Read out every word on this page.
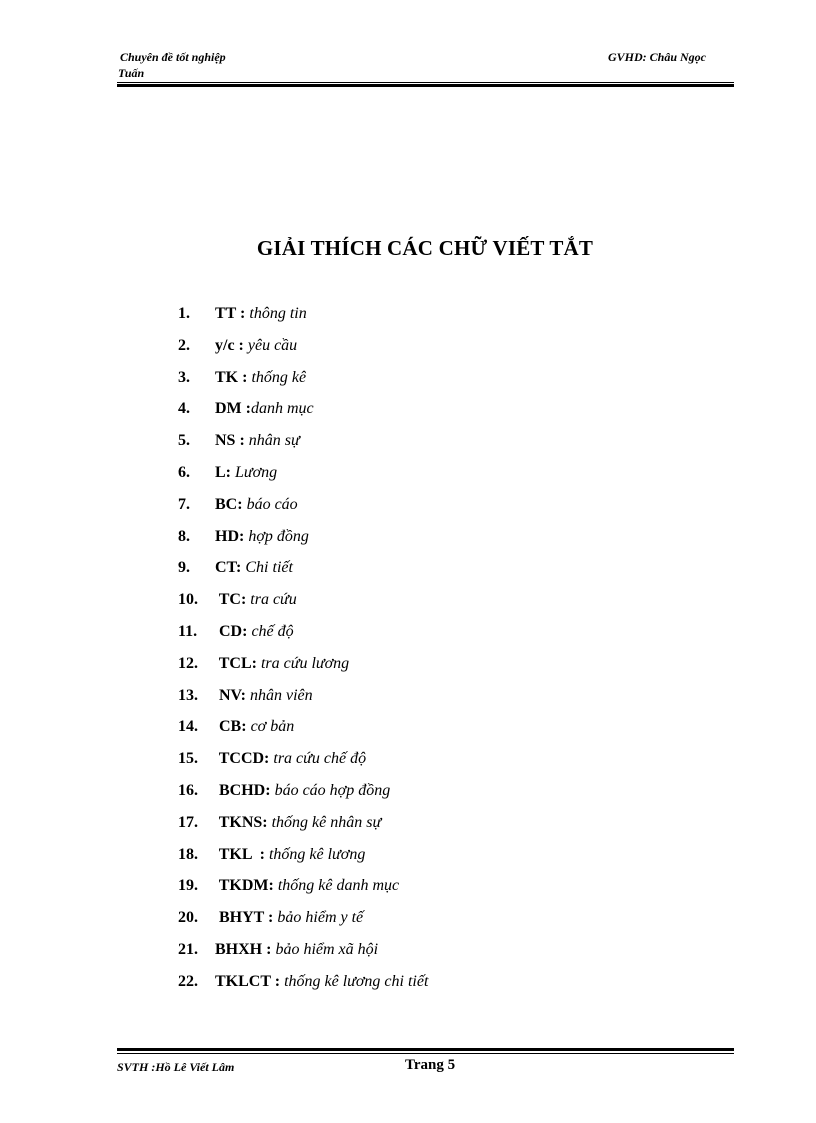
Chuyên đề tốt nghiệp
Tuấn
GVHD: Châu Ngọc
GIẢI THÍCH CÁC CHỮ VIẾT TẮT
1.	TT : thông tin
2.	y/c : yêu cầu
3.	TK : thống kê
4.	DM :danh mục
5.	NS : nhân sự
6.	L: Lương
7.	BC: báo cáo
8.	HD: hợp đồng
9.	CT: Chi tiết
10.	TC: tra cứu
11.	CD: chế độ
12.	TCL: tra cứu lương
13.	NV: nhân viên
14.	CB: cơ bản
15.	TCCD: tra cứu chế độ
16.	BCHD: báo cáo hợp đồng
17.	TKNS: thống kê nhân sự
18.	TKL  : thống kê lương
19.	TKDM: thống kê danh mục
20.	BHYT : bảo hiểm y tế
21.	BHXH : bảo hiểm xã hội
22.	TKLCT : thống kê lương chi tiết
SVTH :Hồ Lê Viết Lâm	Trang 5
